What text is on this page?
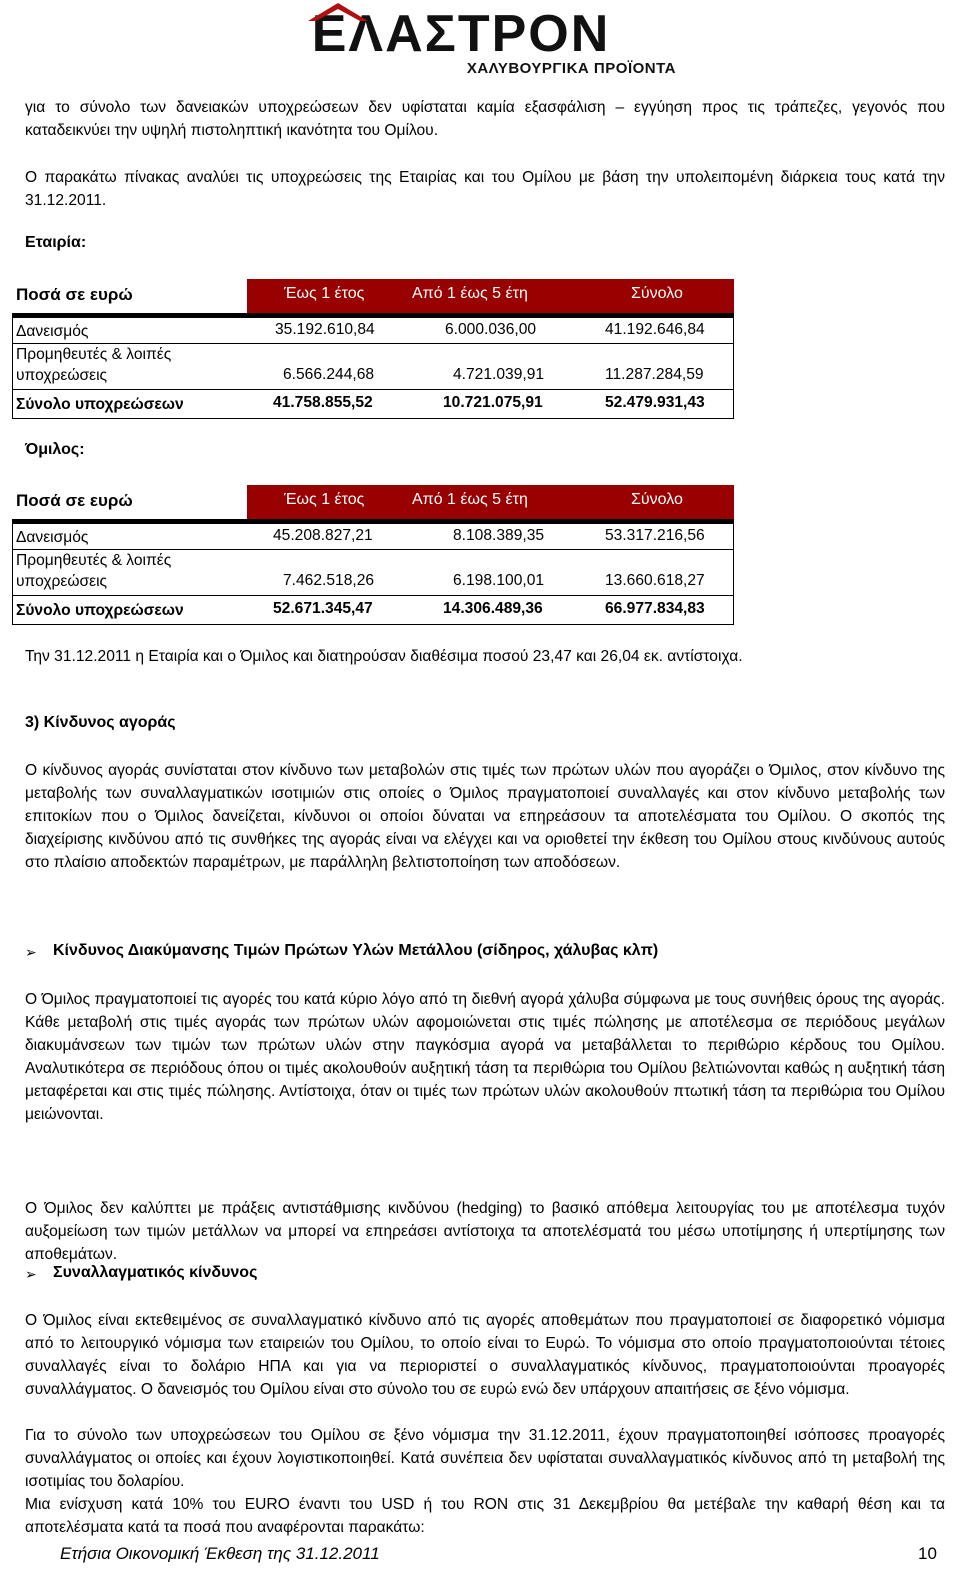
ΕΛΑΣΤΡΟΝ
ΧΑΛΥΒΟΥΡΓΙΚΑ ΠΡΟΪΟΝΤΑ

για το σύνολο των δανειακών υποχρεώσεων δεν υφίσταται καμία εξασφάλιση – εγγύηση προς τις τράπεζες, γεγονός που καταδεικνύει την υψηλή πιστοληπτική ικανότητα του Ομίλου.

Ο παρακάτω πίνακας αναλύει τις υποχρεώσεις της Εταιρίας και του Ομίλου με βάση την υπολειπομένη διάρκεια τους κατά την 31.12.2011.

Εταιρία:

Ποσά σε ευρώ	Έως 1 έτος	Από 1 έως 5 έτη	Σύνολο
Δανεισμός	35.192.610,84	6.000.036,00	41.192.646,84
Προμηθευτές & λοιπές
υποχρεώσεις	6.566.244,68	4.721.039,91	11.287.284,59
Σύνολο υποχρεώσεων	41.758.855,52	10.721.075,91	52.479.931,43

Όμιλος:

Ποσά σε ευρώ	Έως 1 έτος	Από 1 έως 5 έτη	Σύνολο
Δανεισμός	45.208.827,21	8.108.389,35	53.317.216,56
Προμηθευτές & λοιπές
υποχρεώσεις	7.462.518,26	6.198.100,01	13.660.618,27
Σύνολο υποχρεώσεων	52.671.345,47	14.306.489,36	66.977.834,83

Την 31.12.2011 η Εταιρία και ο Όμιλος και διατηρούσαν διαθέσιμα ποσού 23,47 και 26,04 εκ. αντίστοιχα.

3) Κίνδυνος αγοράς

Ο κίνδυνος αγοράς συνίσταται στον κίνδυνο των μεταβολών στις τιμές των πρώτων υλών που αγοράζει ο Όμιλος, στον κίνδυνο της μεταβολής των συναλλαγματικών ισοτιμιών στις οποίες ο Όμιλος πραγματοποιεί συναλλαγές και στον κίνδυνο μεταβολής των επιτοκίων που ο Όμιλος δανείζεται, κίνδυνοι οι οποίοι δύναται να επηρεάσουν τα αποτελέσματα του Ομίλου. Ο σκοπός της διαχείρισης κινδύνου από τις συνθήκες της αγοράς είναι να ελέγχει και να οριοθετεί την έκθεση του Ομίλου στους κινδύνους αυτούς στο πλαίσιο αποδεκτών παραμέτρων, με παράλληλη βελτιστοποίηση των αποδόσεων.

➢ Κίνδυνος Διακύμανσης Τιμών Πρώτων Υλών Μετάλλου (σίδηρος, χάλυβας κλπ)

Ο Όμιλος πραγματοποιεί τις αγορές του κατά κύριο λόγο από τη διεθνή αγορά χάλυβα σύμφωνα με τους συνήθεις όρους της αγοράς. Κάθε μεταβολή στις τιμές αγοράς των πρώτων υλών αφομοιώνεται στις τιμές πώλησης με αποτέλεσμα σε περιόδους μεγάλων διακυμάνσεων των τιμών των πρώτων υλών στην παγκόσμια αγορά να μεταβάλλεται το περιθώριο κέρδους του Ομίλου. Αναλυτικότερα σε περιόδους όπου οι τιμές ακολουθούν αυξητική τάση τα περιθώρια του Ομίλου βελτιώνονται καθώς η αυξητική τάση μεταφέρεται και στις τιμές πώλησης. Αντίστοιχα, όταν οι τιμές των πρώτων υλών ακολουθούν πτωτική τάση τα περιθώρια του Ομίλου μειώνονται.

Ο Όμιλος δεν καλύπτει με πράξεις αντιστάθμισης κινδύνου (hedging) το βασικό απόθεμα λειτουργίας του με αποτέλεσμα τυχόν αυξομείωση των τιμών μετάλλων να μπορεί να επηρεάσει αντίστοιχα τα αποτελέσματά του μέσω υποτίμησης ή υπερτίμησης των αποθεμάτων.

➢ Συναλλαγματικός κίνδυνος

Ο Όμιλος είναι εκτεθειμένος σε συναλλαγματικό κίνδυνο από τις αγορές αποθεμάτων που πραγματοποιεί σε διαφορετικό νόμισμα από το λειτουργικό νόμισμα των εταιρειών του Ομίλου, το οποίο είναι το Ευρώ. Το νόμισμα στο οποίο πραγματοποιούνται τέτοιες συναλλαγές είναι το δολάριο ΗΠΑ και για να περιοριστεί ο συναλλαγματικός κίνδυνος, πραγματοποιούνται προαγορές συναλλάγματος. Ο δανεισμός του Ομίλου είναι στο σύνολο του σε ευρώ ενώ δεν υπάρχουν απαιτήσεις σε ξένο νόμισμα.

Για το σύνολο των υποχρεώσεων του Ομίλου σε ξένο νόμισμα την 31.12.2011, έχουν πραγματοποιηθεί ισόποσες προαγορές συναλλάγματος οι οποίες και έχουν λογιστικοποιηθεί. Κατά συνέπεια δεν υφίσταται συναλλαγματικός κίνδυνος από τη μεταβολή της ισοτιμίας του δολαρίου.

Μια ενίσχυση κατά 10% του EURO έναντι του USD ή του RON στις 31 Δεκεμβρίου θα μετέβαλε την καθαρή θέση και τα αποτελέσματα κατά τα ποσά που αναφέρονται παρακάτω:

Ετήσια Οικονομική Έκθεση της 31.12.2011	10
